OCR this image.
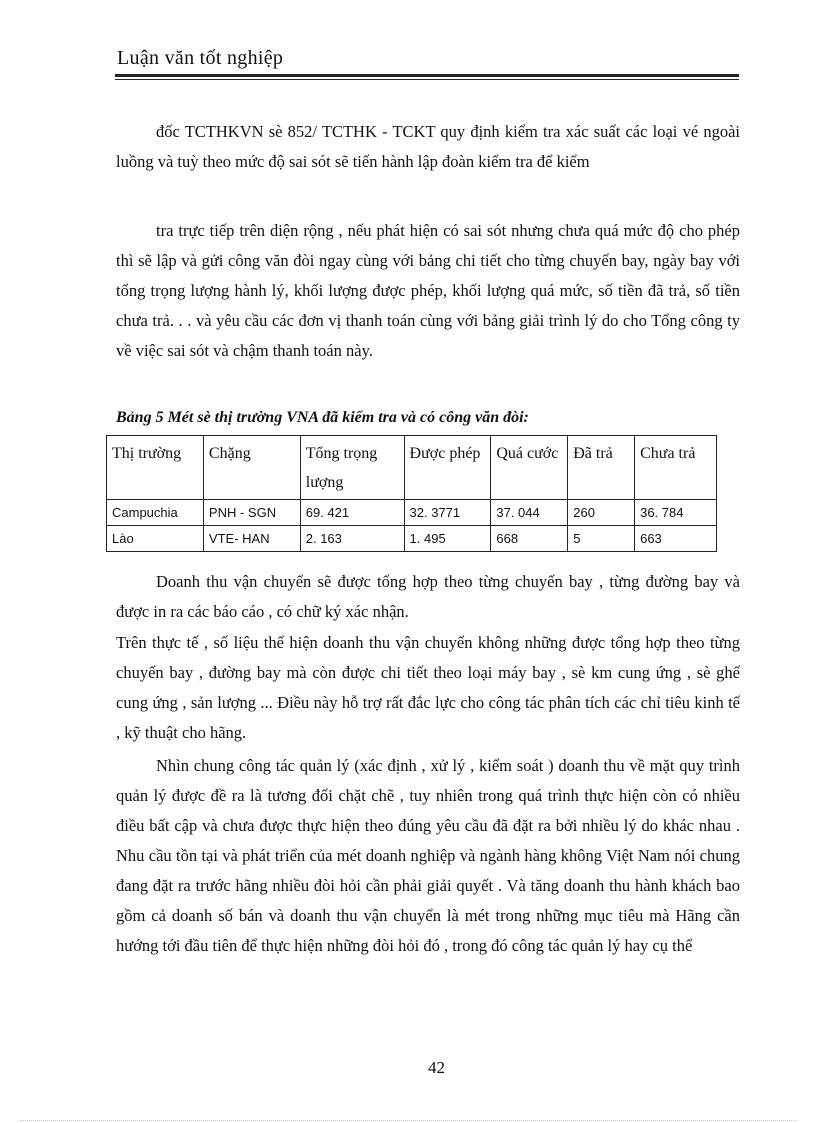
Luận văn tốt nghiệp

đốc TCTHKVN sè 852/ TCTHK - TCKT quy định kiểm tra xác suất các loại vé ngoài luồng và tuỳ theo mức độ sai sót sẽ tiến hành lập đoàn kiểm tra để kiểm

tra trực tiếp trên diện rộng , nếu phát hiện có sai sót nhưng chưa quá mức độ cho phép thì sẽ lập và gửi công văn đòi ngay cùng với bảng chi tiết cho từng chuyến bay, ngày bay với tổng trọng lượng hành lý, khối lượng được phép, khối lượng quá mức, số tiền đã trả, số tiền chưa trả. . . và yêu cầu các đơn vị thanh toán cùng với bảng giải trình lý do cho Tổng công ty về việc sai sót và chậm thanh toán này.

Bảng 5 Mét sè thị trường VNA đã kiểm tra và có công văn đòi:

Thị trường	Chặng	Tổng trọng lượng	Được phép	Quá cước	Đã trả	Chưa trả
Campuchia	PNH - SGN	69. 421	32. 3771	37. 044	260	36. 784
Lào	VTE- HAN	2. 163	1. 495	668	5	663

Doanh thu vận chuyển sẽ được tổng hợp theo từng chuyến bay , từng đường bay và được in ra các báo cáo , có chữ ký xác nhận.

Trên thực tế , số liệu thể hiện doanh thu vận chuyển không những được tổng hợp theo từng chuyến bay , đường bay mà còn được chi tiết theo loại máy bay , sè km cung ứng , sè ghế cung ứng , sản lượng ... Điều này hỗ trợ rất đắc lực cho công tác phân tích các chỉ tiêu kinh tế , kỹ thuật cho hãng.

Nhìn chung công tác quản lý (xác định , xử lý , kiểm soát ) doanh thu về mặt quy trình quản lý được đề ra là tương đối chặt chẽ , tuy nhiên trong quá trình thực hiện còn có nhiều điều bất cập và chưa được thực hiện theo đúng yêu cầu đã đặt ra bởi nhiều lý do khác nhau . Nhu cầu tồn tại và phát triển của mét doanh nghiệp và ngành hàng không Việt Nam nói chung đang đặt ra trước hãng nhiều đòi hỏi cần phải giải quyết . Và tăng doanh thu hành khách bao gồm cả doanh số bán và doanh thu vận chuyển là mét trong những mục tiêu mà Hãng cần hướng tới đầu tiên để thực hiện những đòi hỏi đó , trong đó công tác quản lý hay cụ thể

42
